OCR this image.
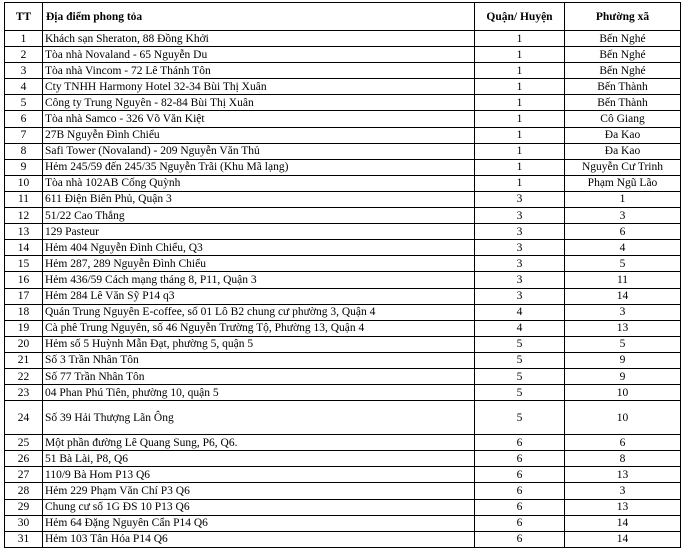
TT	Địa điểm phong tỏa	Quận/ Huyện	Phường xã
1	Khách sạn Sheraton, 88 Đồng Khởi	1	Bến Nghé
2	Tòa nhà Novaland - 65 Nguyễn Du	1	Bến Nghé
3	Tòa nhà Vincom - 72 Lê Thánh Tôn	1	Bến Nghé
4	Cty TNHH Harmony Hotel 32-34 Bùi Thị Xuân	1	Bến Thành
5	Công ty Trung Nguyên - 82-84 Bùi Thị Xuân	1	Bến Thành
6	Tòa nhà Samco - 326 Võ Văn Kiệt	1	Cô Giang
7	27B Nguyễn Đình Chiểu	1	Đa Kao
8	Safi Tower (Novaland) - 209 Nguyễn Văn Thủ	1	Đa Kao
9	Hẻm 245/59 đến 245/35 Nguyễn Trãi (Khu Mã lạng)	1	Nguyễn Cư Trinh
10	Tòa nhà 102AB Cống Quỳnh	1	Phạm Ngũ Lão
11	611 Điện Biên Phủ, Quận 3	3	1
12	51/22 Cao Thắng	3	3
13	129 Pasteur	3	6
14	Hẻm 404 Nguyễn Đình Chiểu, Q3	3	4
15	Hẻm 287, 289 Nguyễn Đình Chiểu	3	5
16	Hẻm 436/59 Cách mạng tháng 8, P11, Quận 3	3	11
17	Hẻm 284 Lê Văn Sỹ P14 q3	3	14
18	Quán Trung Nguyên E-coffee, số 01 Lô B2 chung cư phường 3, Quận 4	4	3
19	Cà phê Trung Nguyên, số 46 Nguyễn Trường Tộ, Phường 13, Quận 4	4	13
20	Hẻm số 5 Huỳnh Mẫn Đạt, phường 5, quận 5	5	5
21	Số 3 Trần Nhân Tôn	5	9
22	Số 77 Trần Nhân Tôn	5	9
23	04 Phan Phú Tiên, phường 10, quận 5	5	10
24	Số 39 Hải Thượng Lãn Ông	5	10
25	Một phần đường Lê Quang Sung, P6, Q6.	6	6
26	51 Bà Lài, P8, Q6	6	8
27	110/9 Bà Hom P13 Q6	6	13
28	Hẻm 229 Phạm Văn Chí P3 Q6	6	3
29	Chung cư số 1G ĐS 10 P13 Q6	6	13
30	Hẻm 64 Đặng Nguyên Cẩn P14 Q6	6	14
31	Hẻm 103 Tân Hóa P14 Q6	6	14
